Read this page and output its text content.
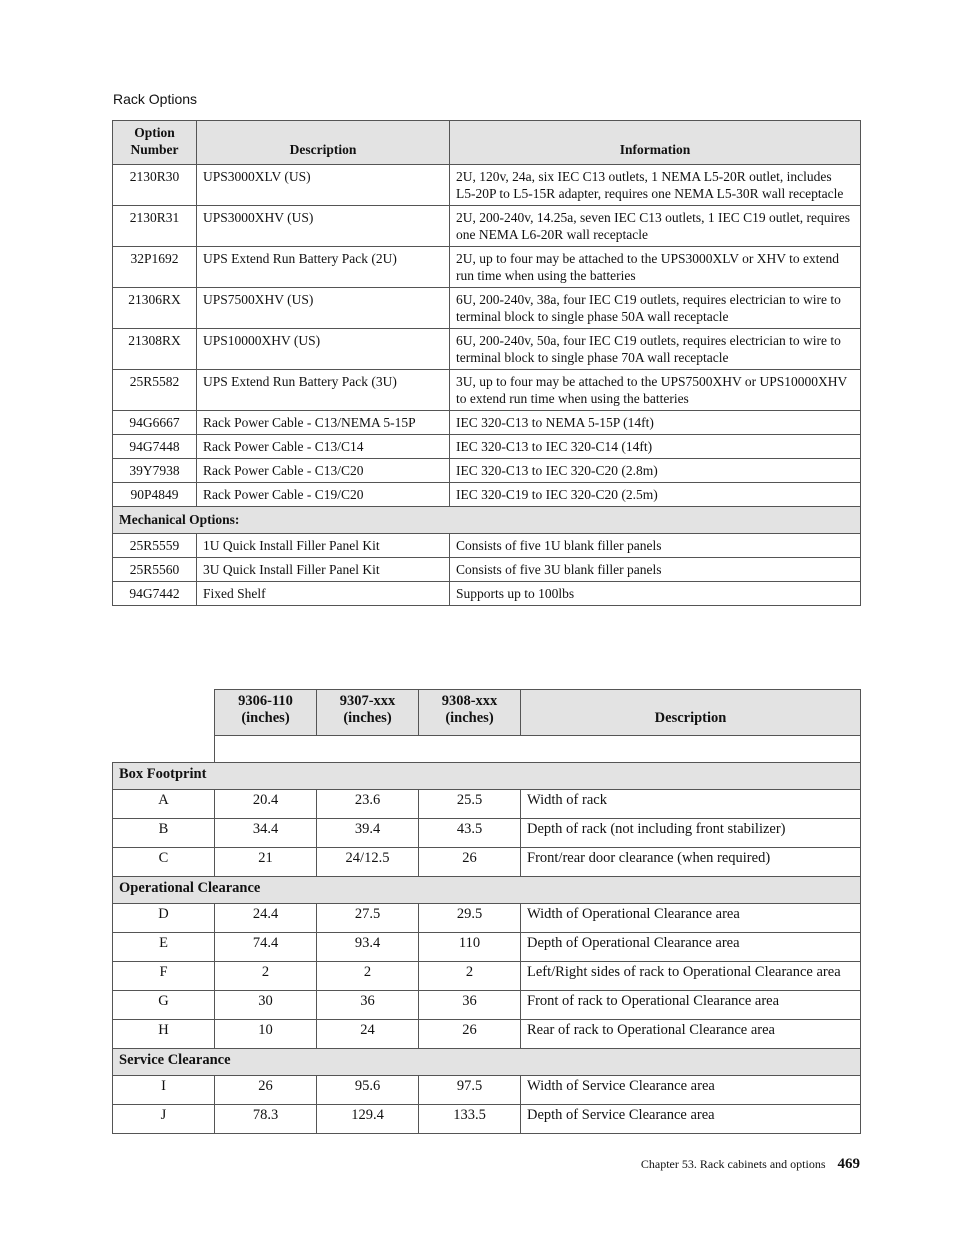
Rack Options
Option Number	Description	Information
2130R30	UPS3000XLV (US)	2U, 120v, 24a, six IEC C13 outlets, 1 NEMA L5-20R outlet, includes L5-20P to L5-15R adapter, requires one NEMA L5-30R wall receptacle
2130R31	UPS3000XHV (US)	2U, 200-240v, 14.25a, seven IEC C13 outlets, 1 IEC C19 outlet, requires one NEMA L6-20R wall receptacle
32P1692	UPS Extend Run Battery Pack (2U)	2U, up to four may be attached to the UPS3000XLV or XHV to extend run time when using the batteries
21306RX	UPS7500XHV (US)	6U, 200-240v, 38a, four IEC C19 outlets, requires electrician to wire to terminal block to single phase 50A wall receptacle
21308RX	UPS10000XHV (US)	6U, 200-240v, 50a, four IEC C19 outlets, requires electrician to wire to terminal block to single phase 70A wall receptacle
25R5582	UPS Extend Run Battery Pack (3U)	3U, up to four may be attached to the UPS7500XHV or UPS10000XHV to extend run time when using the batteries
94G6667	Rack Power Cable - C13/NEMA 5-15P	IEC 320-C13 to NEMA 5-15P (14ft)
94G7448	Rack Power Cable - C13/C14	IEC 320-C13 to IEC 320-C14 (14ft)
39Y7938	Rack Power Cable - C13/C20	IEC 320-C13 to IEC 320-C20 (2.8m)
90P4849	Rack Power Cable - C19/C20	IEC 320-C19 to IEC 320-C20 (2.5m)
Mechanical Options:		
25R5559	1U Quick Install Filler Panel Kit	Consists of five 1U blank filler panels
25R5560	3U Quick Install Filler Panel Kit	Consists of five 3U blank filler panels
94G7442	Fixed Shelf	Supports up to 100lbs
	9306-110 (inches)	9307-xxx (inches)	9308-xxx (inches)	Description

Box Footprint				
A	20.4	23.6	25.5	Width of rack
B	34.4	39.4	43.5	Depth of rack (not including front stabilizer)
C	21	24/12.5	26	Front/rear door clearance (when required)
Operational Clearance				
D	24.4	27.5	29.5	Width of Operational Clearance area
E	74.4	93.4	110	Depth of Operational Clearance area
F	2	2	2	Left/Right sides of rack to Operational Clearance area
G	30	36	36	Front of rack to Operational Clearance area
H	10	24	26	Rear of rack to Operational Clearance area
Service Clearance				
I	26	95.6	97.5	Width of Service Clearance area
J	78.3	129.4	133.5	Depth of Service Clearance area
Chapter 53. Rack cabinets and options 469
